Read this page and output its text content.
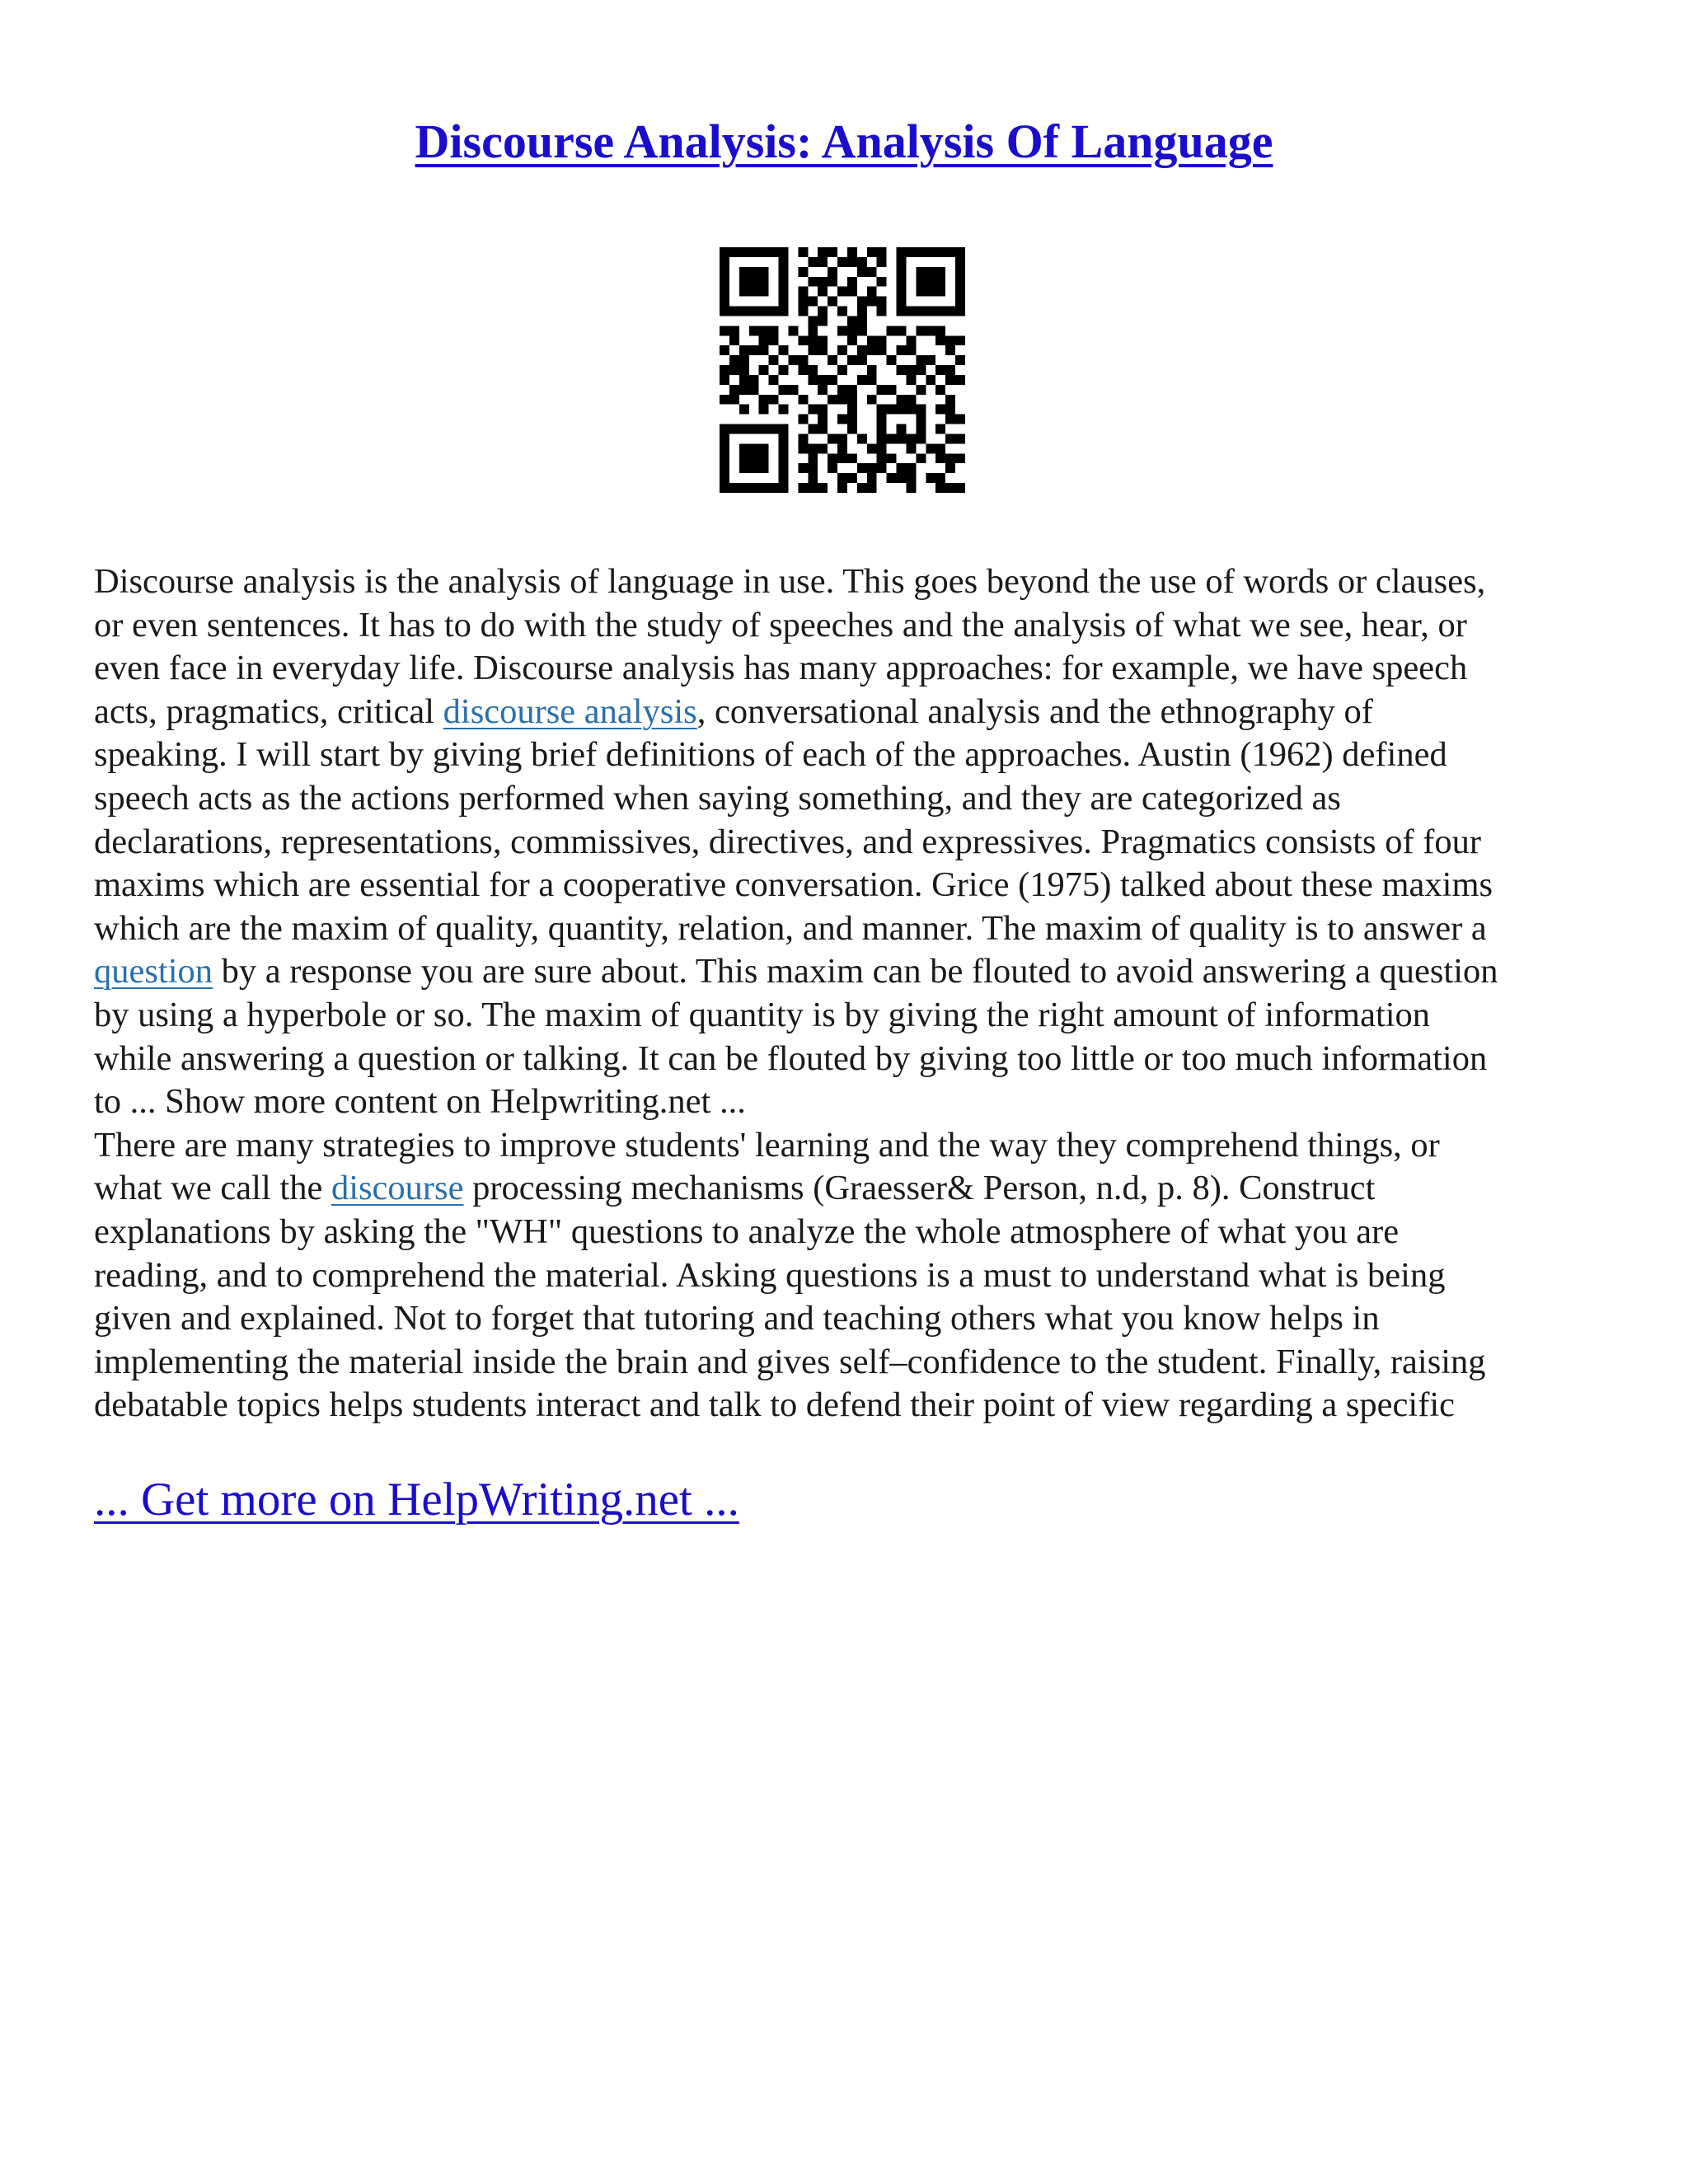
Discourse Analysis: Analysis Of Language

Discourse analysis is the analysis of language in use. This goes beyond the use of words or clauses,

or even sentences. It has to do with the study of speeches and the analysis of what we see, hear, or

even face in everyday life. Discourse analysis has many approaches: for example, we have speech

acts, pragmatics, critical discourse analysis, conversational analysis and the ethnography of

speaking. I will start by giving brief definitions of each of the approaches. Austin (1962) defined

speech acts as the actions performed when saying something, and they are categorized as

declarations, representations, commissives, directives, and expressives. Pragmatics consists of four

maxims which are essential for a cooperative conversation. Grice (1975) talked about these maxims

which are the maxim of quality, quantity, relation, and manner. The maxim of quality is to answer a

question by a response you are sure about. This maxim can be flouted to avoid answering a question

by using a hyperbole or so. The maxim of quantity is by giving the right amount of information

while answering a question or talking. It can be flouted by giving too little or too much information

to ... Show more content on Helpwriting.net ...

There are many strategies to improve students' learning and the way they comprehend things, or

what we call the discourse processing mechanisms (Graesser& Person, n.d, p. 8). Construct

explanations by asking the "WH" questions to analyze the whole atmosphere of what you are

reading, and to comprehend the material. Asking questions is a must to understand what is being

given and explained. Not to forget that tutoring and teaching others what you know helps in

implementing the material inside the brain and gives self–confidence to the student. Finally, raising

debatable topics helps students interact and talk to defend their point of view regarding a specific

... Get more on HelpWriting.net ...
